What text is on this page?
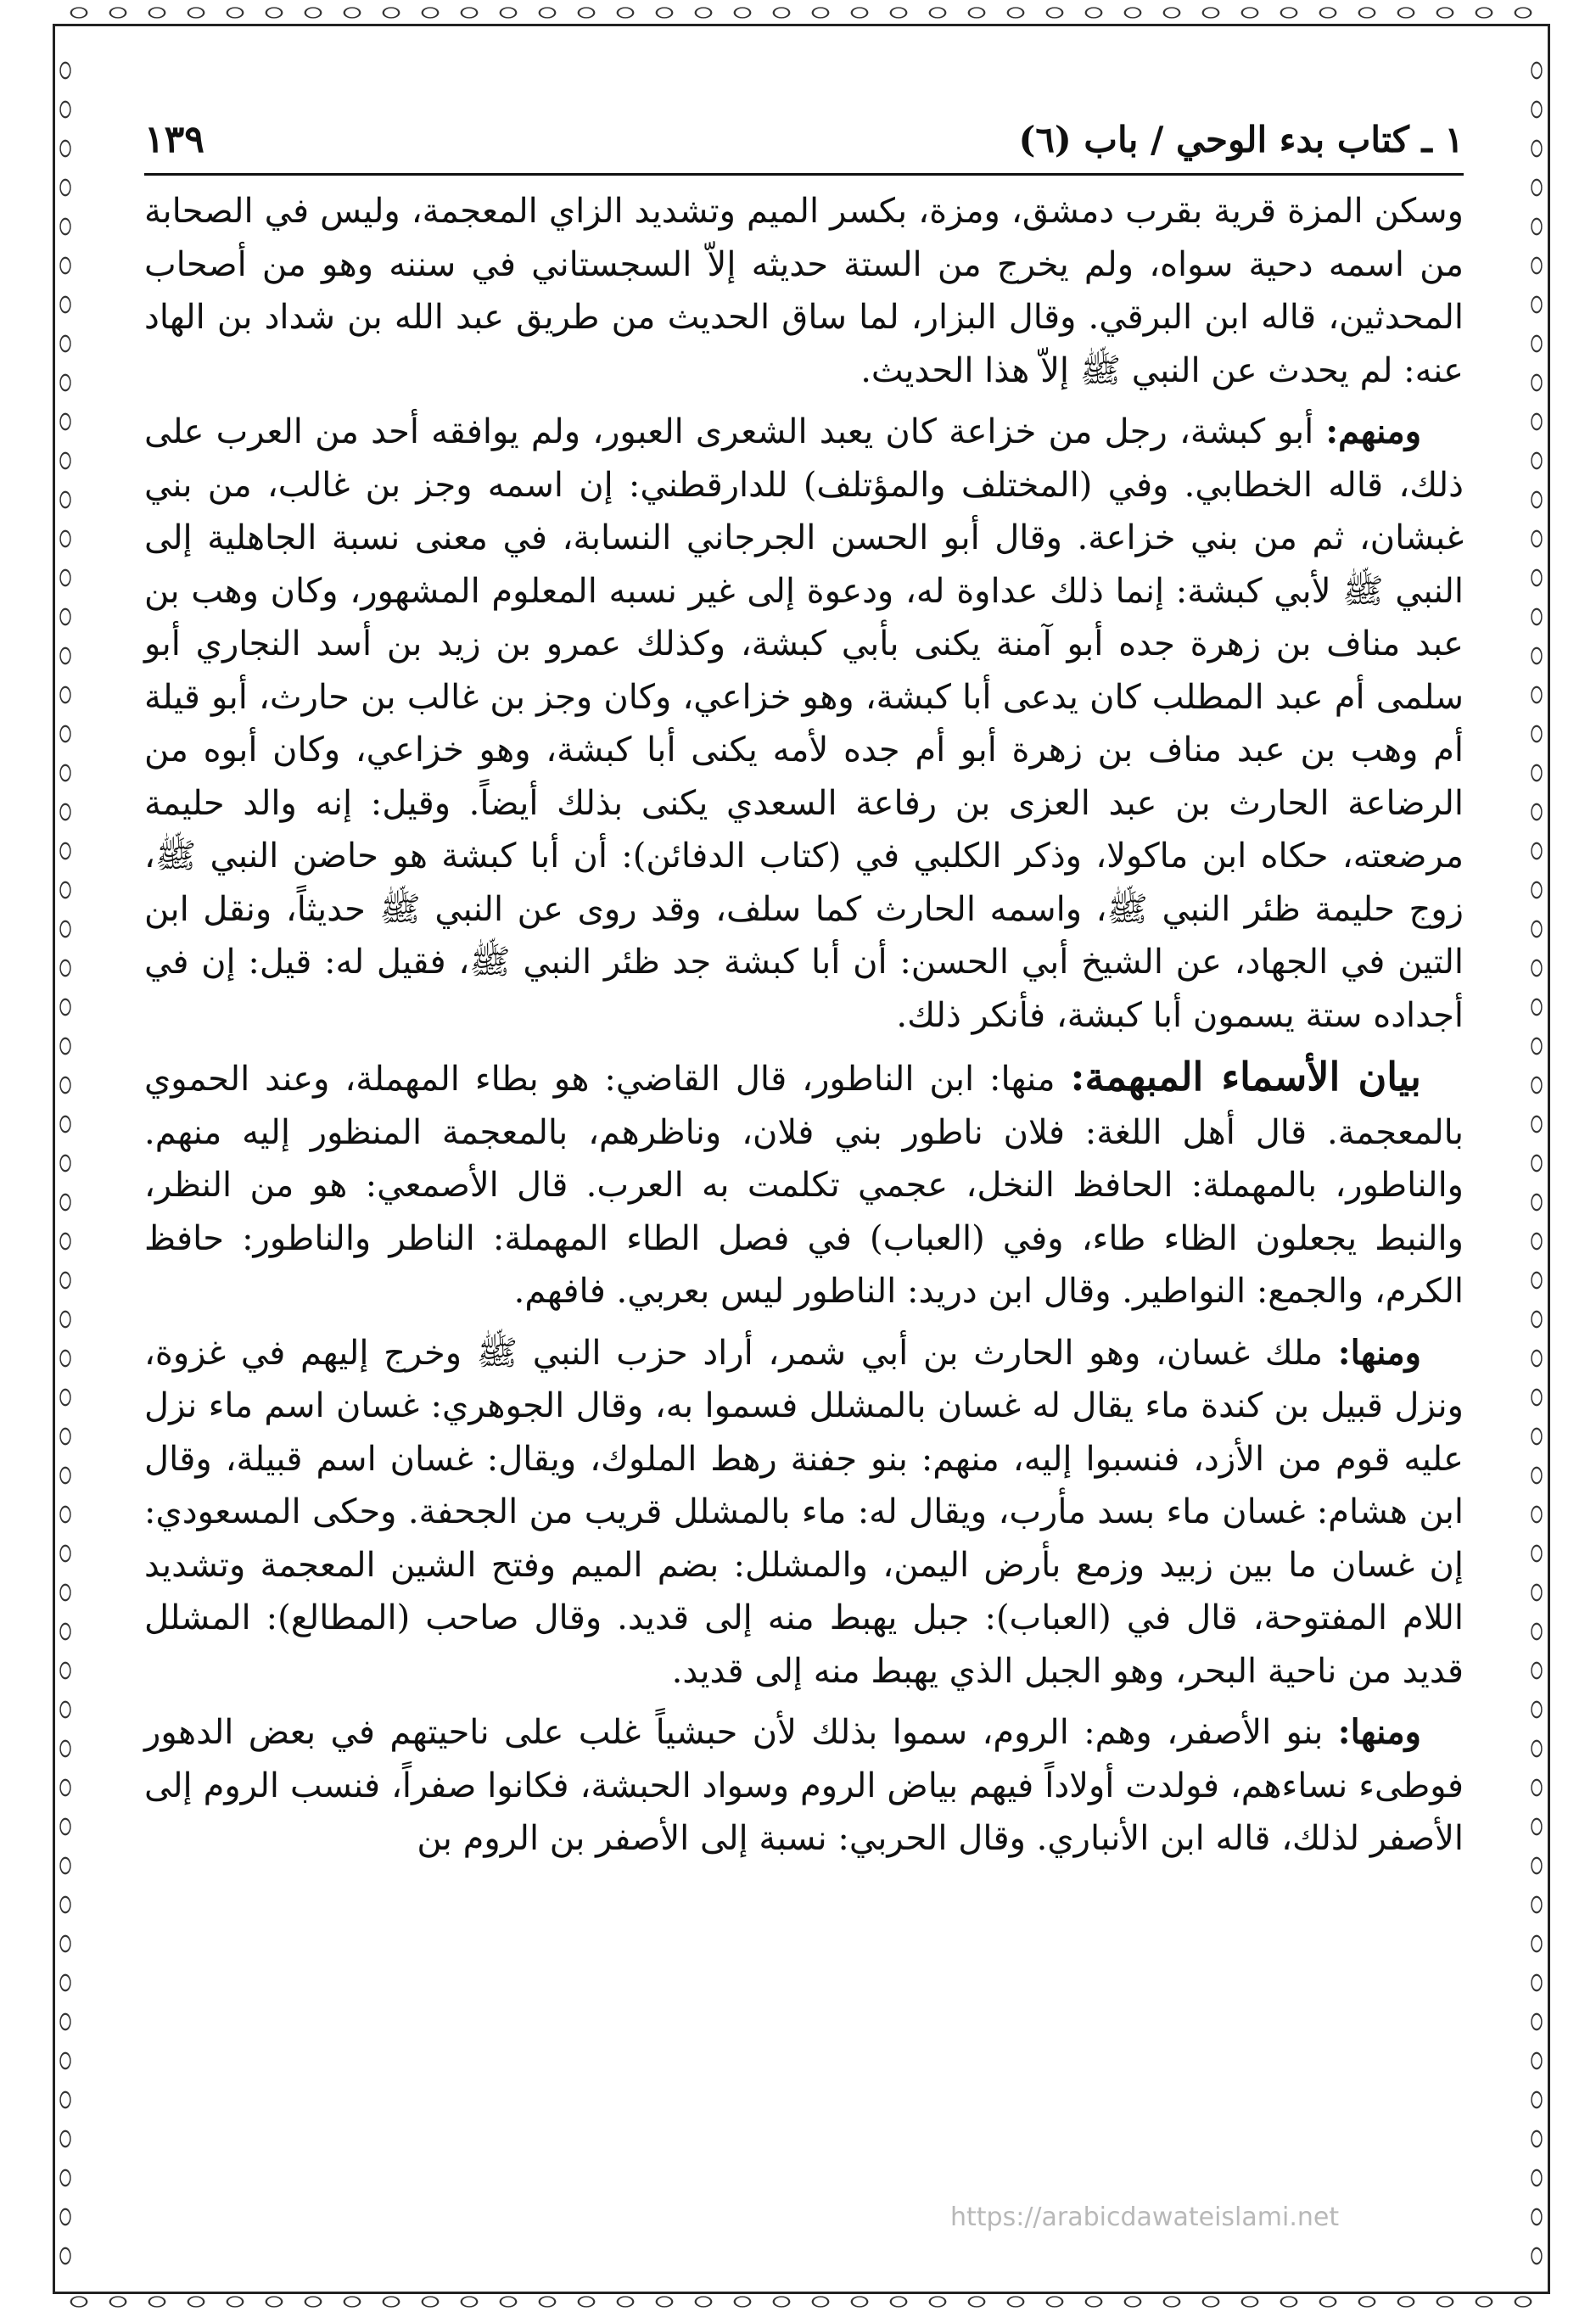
١ ـ كتاب بدء الوحي / باب (٦)
١٣٩

وسكن المزة قرية بقرب دمشق، ومزة، بكسر الميم وتشديد الزاي المعجمة، وليس في الصحابة من اسمه دحية سواه، ولم يخرج من الستة حديثه إلاّ السجستاني في سننه وهو من أصحاب المحدثين، قاله ابن البرقي. وقال البزار، لما ساق الحديث من طريق عبد الله بن شداد بن الهاد عنه: لم يحدث عن النبي ﷺ إلاّ هذا الحديث.

ومنهم: أبو كبشة، رجل من خزاعة كان يعبد الشعرى العبور، ولم يوافقه أحد من العرب على ذلك، قاله الخطابي. وفي (المختلف والمؤتلف) للدارقطني: إن اسمه وجز بن غالب، من بني غبشان، ثم من بني خزاعة. وقال أبو الحسن الجرجاني النسابة، في معنى نسبة الجاهلية إلى النبي ﷺ لأبي كبشة: إنما ذلك عداوة له، ودعوة إلى غير نسبه المعلوم المشهور، وكان وهب بن عبد مناف بن زهرة جده أبو آمنة يكنى بأبي كبشة، وكذلك عمرو بن زيد بن أسد النجاري أبو سلمى أم عبد المطلب كان يدعى أبا كبشة، وهو خزاعي، وكان وجز بن غالب بن حارث، أبو قيلة أم وهب بن عبد مناف بن زهرة أبو أم جده لأمه يكنى أبا كبشة، وهو خزاعي، وكان أبوه من الرضاعة الحارث بن عبد العزى بن رفاعة السعدي يكنى بذلك أيضاً. وقيل: إنه والد حليمة مرضعته، حكاه ابن ماكولا، وذكر الكلبي في (كتاب الدفائن): أن أبا كبشة هو حاضن النبي ﷺ، زوج حليمة ظئر النبي ﷺ، واسمه الحارث كما سلف، وقد روى عن النبي ﷺ حديثاً، ونقل ابن التين في الجهاد، عن الشيخ أبي الحسن: أن أبا كبشة جد ظئر النبي ﷺ، فقيل له: قيل: إن في أجداده ستة يسمون أبا كبشة، فأنكر ذلك.

بيان الأسماء المبهمة: منها: ابن الناطور، قال القاضي: هو بطاء المهملة، وعند الحموي بالمعجمة. قال أهل اللغة: فلان ناطور بني فلان، وناظرهم، بالمعجمة المنظور إليه منهم. والناطور، بالمهملة: الحافظ النخل، عجمي تكلمت به العرب. قال الأصمعي: هو من النظر، والنبط يجعلون الظاء طاء، وفي (العباب) في فصل الطاء المهملة: الناطر والناطور: حافظ الكرم، والجمع: النواطير. وقال ابن دريد: الناطور ليس بعربي. فافهم.

ومنها: ملك غسان، وهو الحارث بن أبي شمر، أراد حزب النبي ﷺ وخرج إليهم في غزوة، ونزل قبيل بن كندة ماء يقال له غسان بالمشلل فسموا به، وقال الجوهري: غسان اسم ماء نزل عليه قوم من الأزد، فنسبوا إليه، منهم: بنو جفنة رهط الملوك، ويقال: غسان اسم قبيلة، وقال ابن هشام: غسان ماء بسد مأرب، ويقال له: ماء بالمشلل قريب من الجحفة. وحكى المسعودي: إن غسان ما بين زبيد وزمع بأرض اليمن، والمشلل: بضم الميم وفتح الشين المعجمة وتشديد اللام المفتوحة، قال في (العباب): جبل يهبط منه إلى قديد. وقال صاحب (المطالع): المشلل قديد من ناحية البحر، وهو الجبل الذي يهبط منه إلى قديد.

ومنها: بنو الأصفر، وهم: الروم، سموا بذلك لأن حبشياً غلب على ناحيتهم في بعض الدهور فوطىء نساءهم، فولدت أولاداً فيهم بياض الروم وسواد الحبشة، فكانوا صفراً، فنسب الروم إلى الأصفر لذلك، قاله ابن الأنباري. وقال الحربي: نسبة إلى الأصفر بن الروم بن

https://arabicdawateislami.net
